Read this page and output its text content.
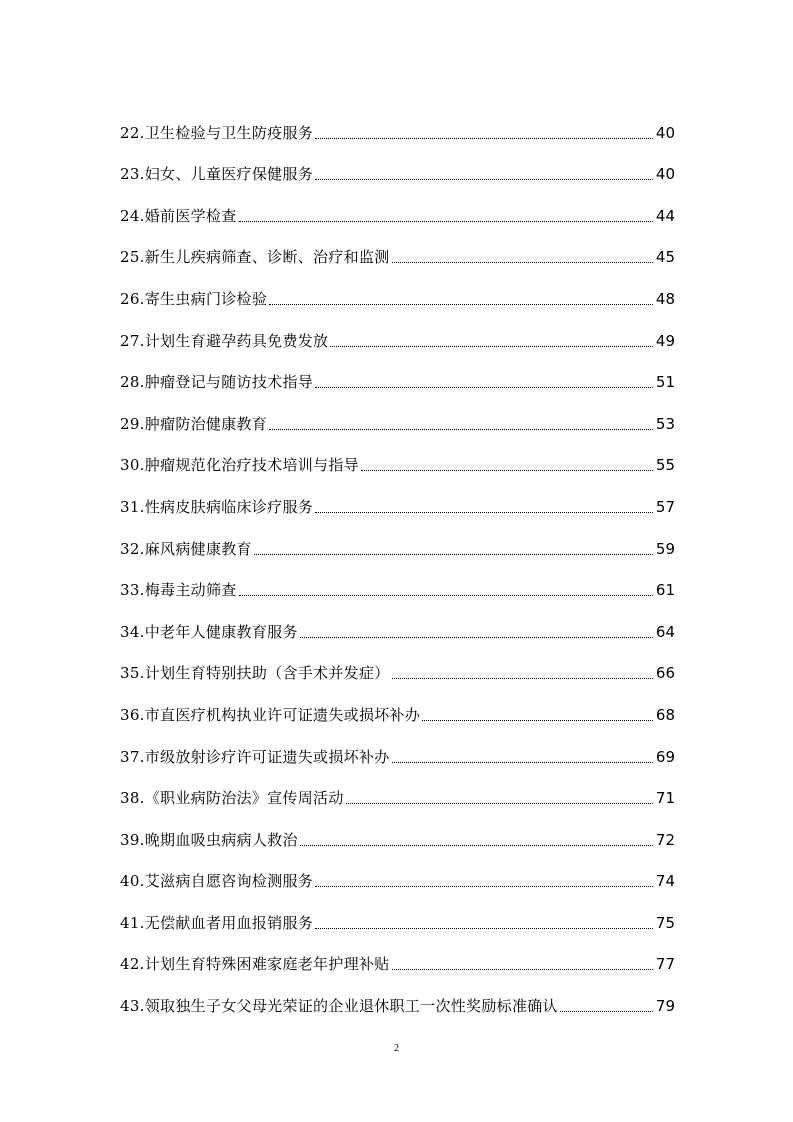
22.卫生检验与卫生防疫服务	40
23.妇女、儿童医疗保健服务	40
24.婚前医学检查	44
25.新生儿疾病筛查、诊断、治疗和监测	45
26.寄生虫病门诊检验	48
27.计划生育避孕药具免费发放	49
28.肿瘤登记与随访技术指导	51
29.肿瘤防治健康教育	53
30.肿瘤规范化治疗技术培训与指导	55
31.性病皮肤病临床诊疗服务	57
32.麻风病健康教育	59
33.梅毒主动筛查	61
34.中老年人健康教育服务	64
35.计划生育特别扶助（含手术并发症）	66
36.市直医疗机构执业许可证遗失或损坏补办	68
37.市级放射诊疗许可证遗失或损坏补办	69
38.《职业病防治法》宣传周活动	71
39.晚期血吸虫病病人救治	72
40.艾滋病自愿咨询检测服务	74
41.无偿献血者用血报销服务	75
42.计划生育特殊困难家庭老年护理补贴	77
43.领取独生子女父母光荣证的企业退休职工一次性奖励标准确认	79
2
